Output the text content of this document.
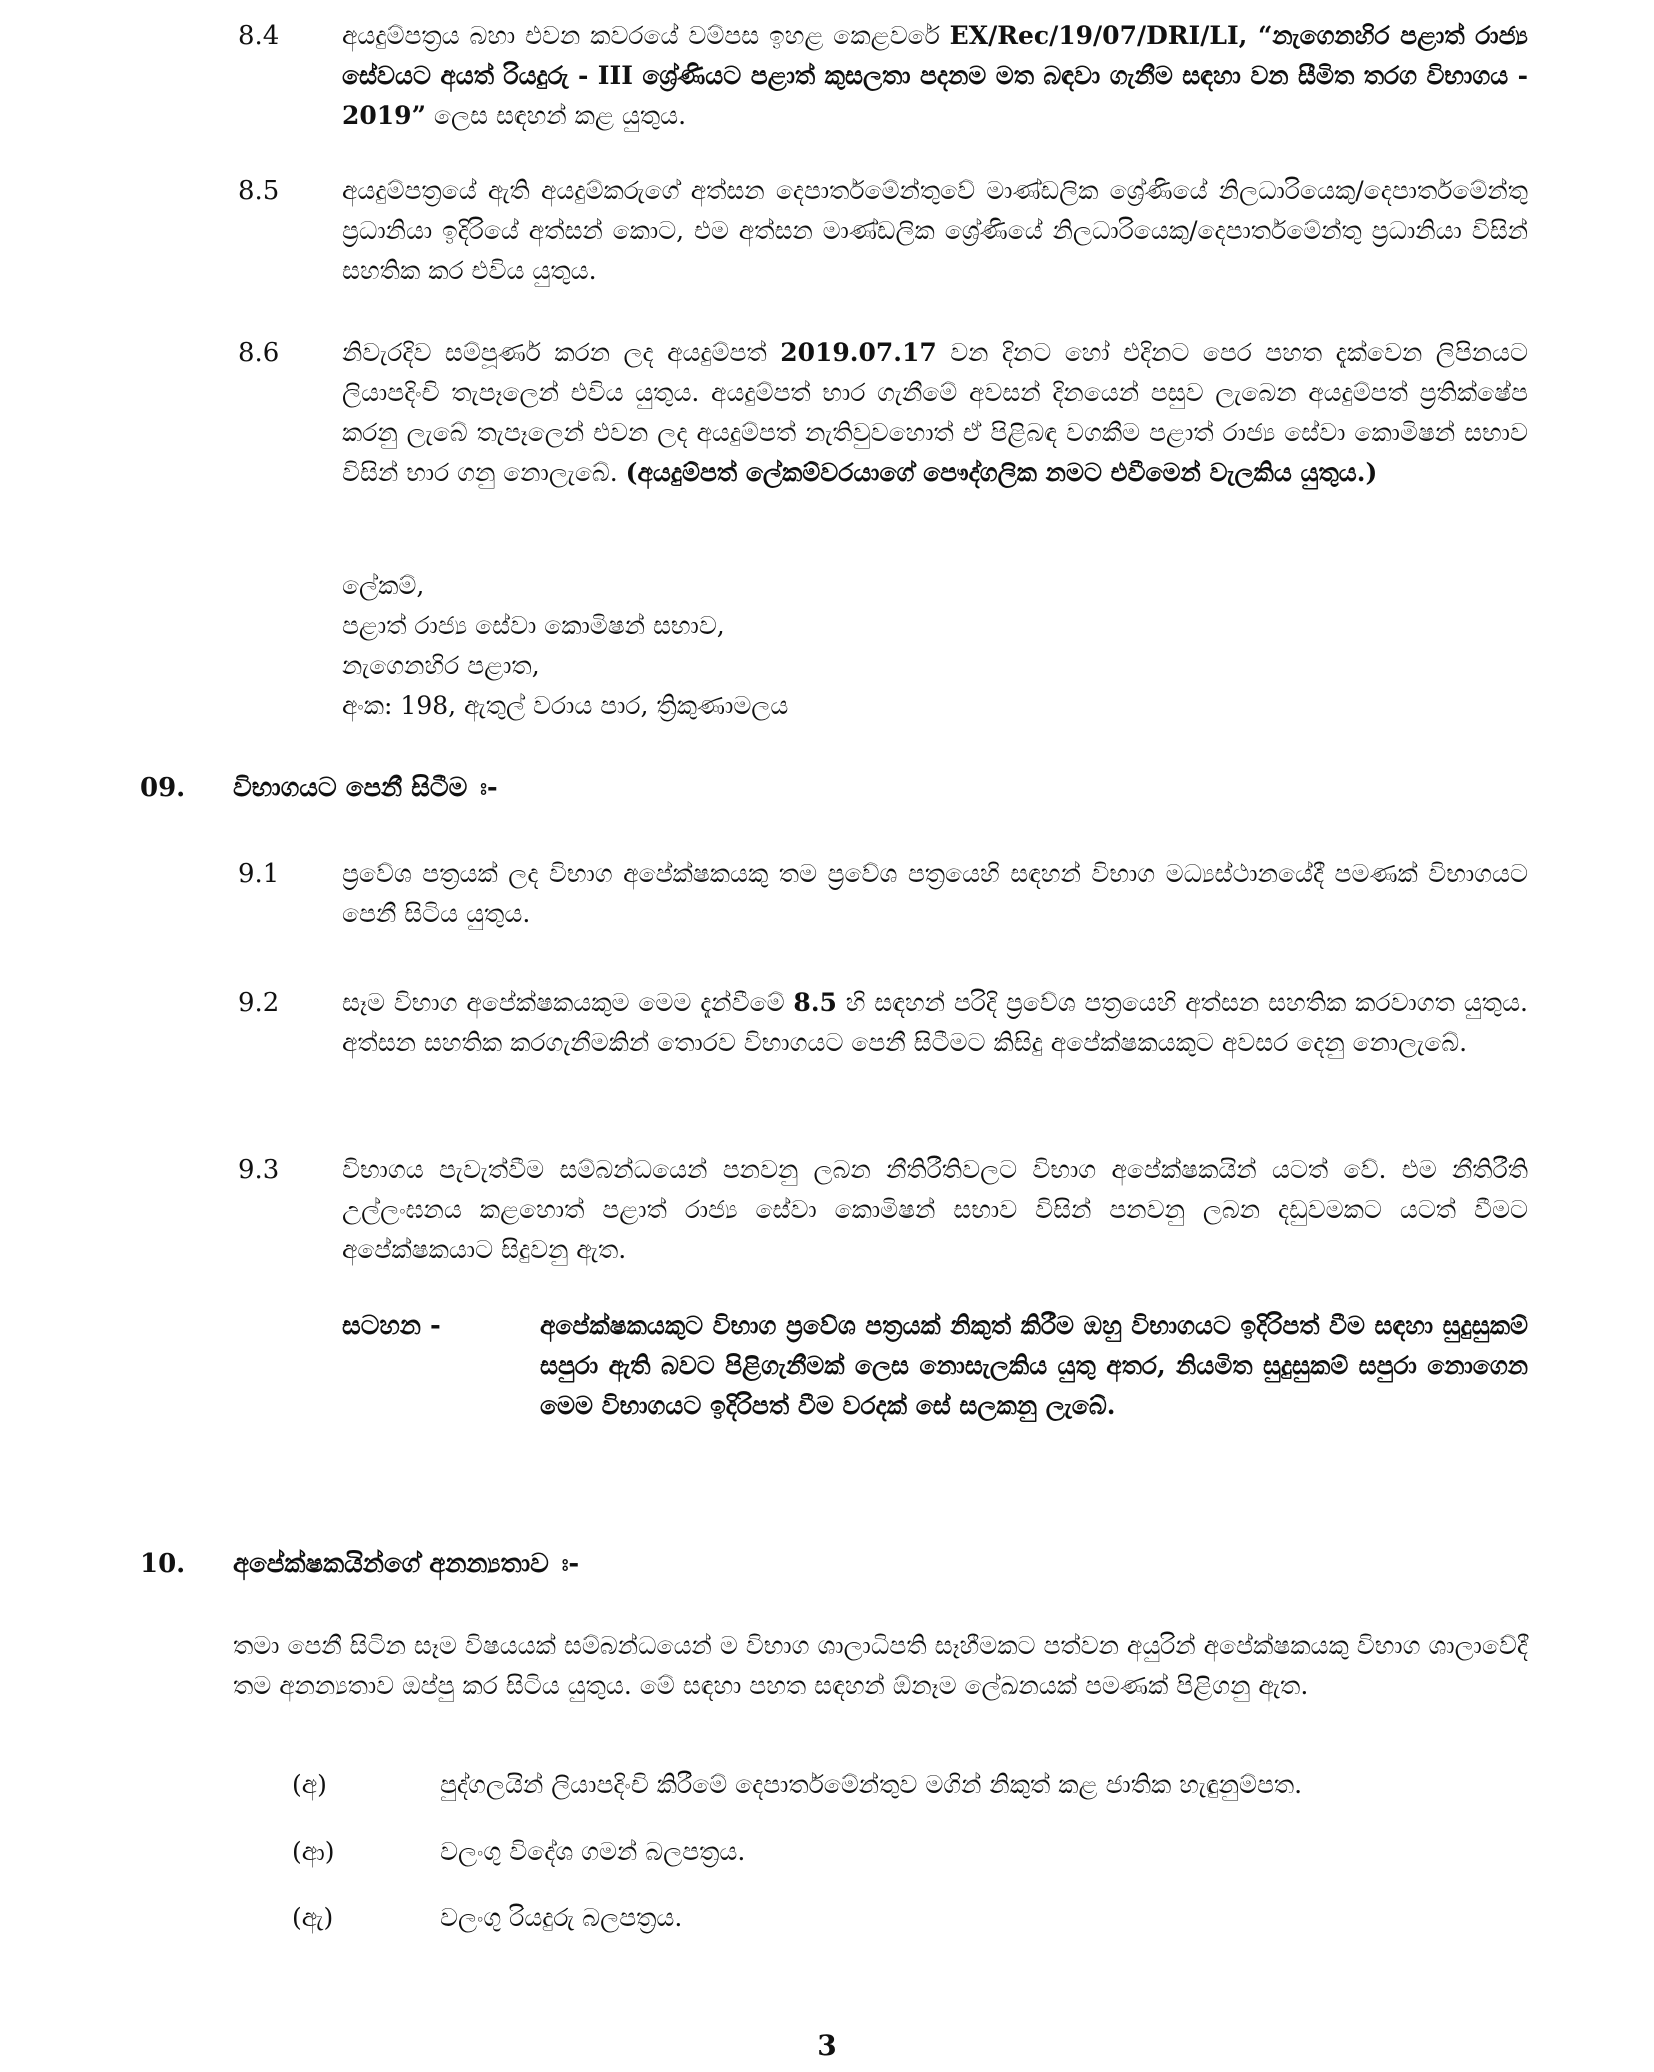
8.4	අයදුම්පත්‍රය බහා එවන කවරයේ වම්පස ඉහළ කෙළවරේ EX/Rec/19/07/DRI/LI, “නැගෙනහිර පළාත් රාජ්‍ය සේවයට අයත් රියදුරු - III ශ්‍රේණියට පළාත් කුසලතා පදනම මත බඳවා ගැනීම සඳහා වන සීමිත තරග විභාගය - 2019” ලෙස සඳහන් කළ යුතුය.
8.5	අයදුම්පත්‍රයේ ඇති අයදුම්කරුගේ අත්සන දෙපාර්තමේන්තුවේ මාණ්ඩලික ශ්‍රේණියේ නිලධාරියෙකු/දෙපාර්තමේන්තු ප්‍රධානියා ඉදිරියේ අත්සන් කොට, එම අත්සන මාණ්ඩලික ශ්‍රේණියේ නිලධාරියෙකු/දෙපාර්තමේන්තු ප්‍රධානියා විසින් සහතික කර එවිය යුතුය.
8.6	නිවැරදිව සම්පූර්ණ කරන ලද අයදුම්පත් 2019.07.17 වන දිනට හෝ එදිනට පෙර පහත දැක්වෙන ලිපිනයට ලියාපදිංචි තැපෑලෙන් එවිය යුතුය. අයදුම්පත් භාර ගැනීමේ අවසන් දිනයෙන් පසුව ලැබෙන අයදුම්පත් ප්‍රතික්ෂේප කරනු ලැබේ තැපෑලෙන් එවන ලද අයදුම්පත් නැතිවුවහොත් ඒ පිළිබඳ වගකීම පළාත් රාජ්‍ය සේවා කොමිෂන් සභාව විසින් භාර ගනු නොලැබේ. (අයදුම්පත් ලේකම්වරයාගේ පෞද්ගලික නමට එවීමෙන් වැලකිය යුතුය.)
ලේකම්,
පළාත් රාජ්‍ය සේවා කොමිෂන් සභාව,
නැගෙනහිර පළාත,
අංක: 198, ඇතුල් වරාය පාර, ත්‍රිකුණාමලය
09. විභාගයට පෙනී සිටීම ඃ-
9.1	ප්‍රවේශ පත්‍රයක් ලද විභාග අපේක්ෂකයකු තම ප්‍රවේශ පත්‍රයෙහි සඳහන් විභාග මධ්‍යස්ථානයේදී පමණක් විභාගයට පෙනී සිටිය යුතුය.
9.2	සෑම විභාග අපේක්ෂකයකුම මෙම දැන්වීමේ 8.5 හි සඳහන් පරිදි ප්‍රවේශ පත්‍රයෙහි අත්සන සහතික කරවාගත යුතුය. අත්සන සහතික කරගැනීමකින් තොරව විභාගයට පෙනී සිටීමට කිසිදු අපේක්ෂකයකුට අවසර දෙනු නොලැබේ.
9.3	විභාගය පැවැත්වීම සම්බන්ධයෙන් පනවනු ලබන නීතිරීතිවලට විභාග අපේක්ෂකයින් යටත් වේ. එම නීතිරීති උල්ලංඝනය කළහොත් පළාත් රාජ්‍ය සේවා කොමිෂන් සභාව විසින් පනවනු ලබන දඩුවමකට යටත් වීමට අපේක්ෂකයාට සිදුවනු ඇත.
සටහන -	අපේක්ෂකයකුට විභාග ප්‍රවේශ පත්‍රයක් නිකුත් කිරීම ඔහු විභාගයට ඉදිරිපත් වීම සඳහා සුදුසුකම් සපුරා ඇති බවට පිළිගැනීමක් ලෙස නොසැලකිය යුතු අතර, නියමිත සුදුසුකම් සපුරා නොගෙන මෙම විභාගයට ඉදිරිපත් වීම වරදක් සේ සලකනු ලැබේ.
10. අපේක්ෂකයින්ගේ අනන්‍යතාව ඃ-
තමා පෙනී සිටින සෑම විෂයයක් සම්බන්ධයෙන් ම විභාග ශාලාධිපති සෑහීමකට පත්වන අයුරින් අපේක්ෂකයකු විභාග ශාලාවේදී තම අනන්‍යතාව ඔප්පු කර සිටිය යුතුය. මේ සඳහා පහත සඳහන් ඕනෑම ලේඛනයක් පමණක් පිළිගනු ඇත.
(අ)	පුද්ගලයින් ලියාපදිංචි කිරීමේ දෙපාර්තමේන්තුව මගින් නිකුත් කළ ජාතික හැඳුනුම්පත.
(ආ)	වලංගු විදේශ ගමන් බලපත්‍රය.
(ඇ)	වලංගු රියදුරු බලපත්‍රය.
3
